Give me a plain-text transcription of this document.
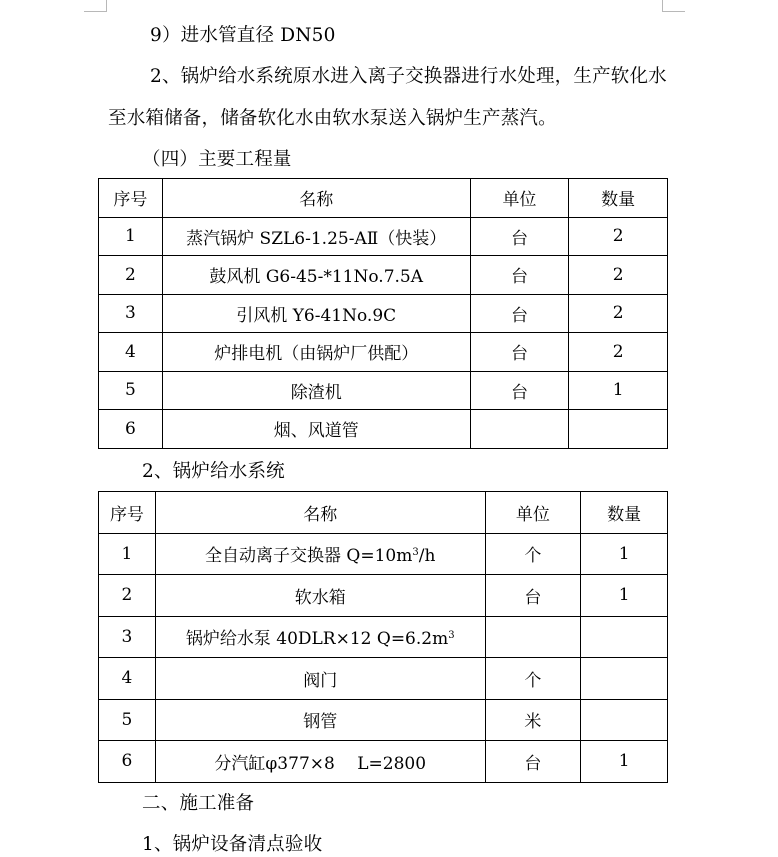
9）进水管直径 DN50
2、锅炉给水系统原水进入离子交换器进行水处理，生产软化水
至水箱储备，储备软化水由软水泵送入锅炉生产蒸汽。
（四）主要工程量
序号	名称	单位	数量
1	蒸汽锅炉 SZL6-1.25-AⅡ（快装）	台	2
2	鼓风机 G6-45-*11No.7.5A	台	2
3	引风机 Y6-41No.9C	台	2
4	炉排电机（由锅炉厂供配）	台	2
5	除渣机	台	1
6	烟、风道管		
2、锅炉给水系统
序号	名称	单位	数量
1	全自动离子交换器 $Q=10m^3/h$	个	1
2	软水箱	台	1
3	锅炉给水泵 40DLR×12 $Q=6.2m^3$		
4	阀门	个	
5	钢管	米	
6	分汽缸φ377×8　 L=2800	台	1
二、施工准备
1、锅炉设备清点验收
